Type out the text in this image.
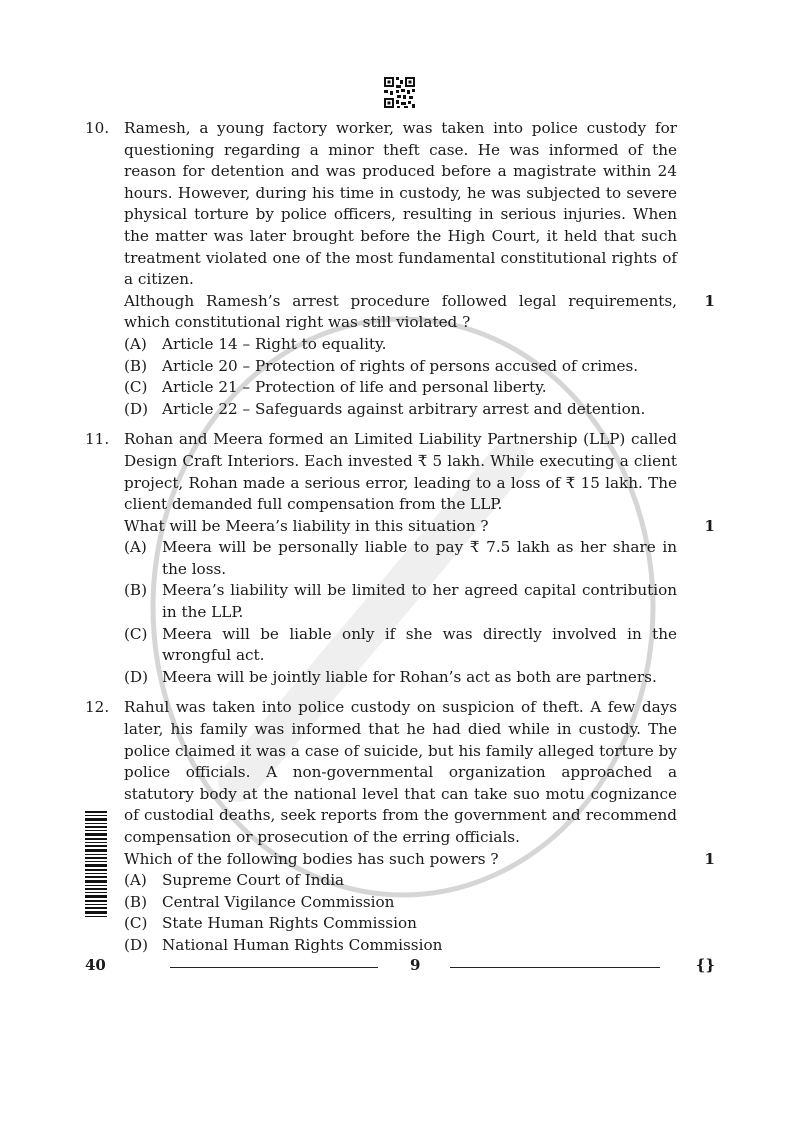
10. Ramesh, a young factory worker, was taken into police custody for questioning regarding a minor theft case. He was informed of the reason for detention and was produced before a magistrate within 24 hours. However, during his time in custody, he was subjected to severe physical torture by police officers, resulting in serious injuries. When the matter was later brought before the High Court, it held that such treatment violated one of the most fundamental constitutional rights of a citizen.
Although Ramesh’s arrest procedure followed legal requirements, which constitutional right was still violated ?
1
(A) Article 14 – Right to equality.
(B) Article 20 – Protection of rights of persons accused of crimes.
(C) Article 21 – Protection of life and personal liberty.
(D) Article 22 – Safeguards against arbitrary arrest and detention.
11. Rohan and Meera formed an Limited Liability Partnership (LLP) called Design Craft Interiors. Each invested ₹ 5 lakh. While executing a client project, Rohan made a serious error, leading to a loss of ₹ 15 lakh. The client demanded full compensation from the LLP.
What will be Meera’s liability in this situation ?	1
(A) Meera will be personally liable to pay ₹ 7.5 lakh as her share in the loss.
(B) Meera’s liability will be limited to her agreed capital contribution in the LLP.
(C) Meera will be liable only if she was directly involved in the wrongful act.
(D) Meera will be jointly liable for Rohan’s act as both are partners.
12. Rahul was taken into police custody on suspicion of theft. A few days later, his family was informed that he had died while in custody. The police claimed it was a case of suicide, but his family alleged torture by police officials. A non-governmental organization approached a statutory body at the national level that can take suo motu cognizance of custodial deaths, seek reports from the government and recommend compensation or prosecution of the erring officials.
Which of the following bodies has such powers ?	1
(A) Supreme Court of India
(B) Central Vigilance Commission
(C) State Human Rights Commission
(D) National Human Rights Commission
40	9	{}
